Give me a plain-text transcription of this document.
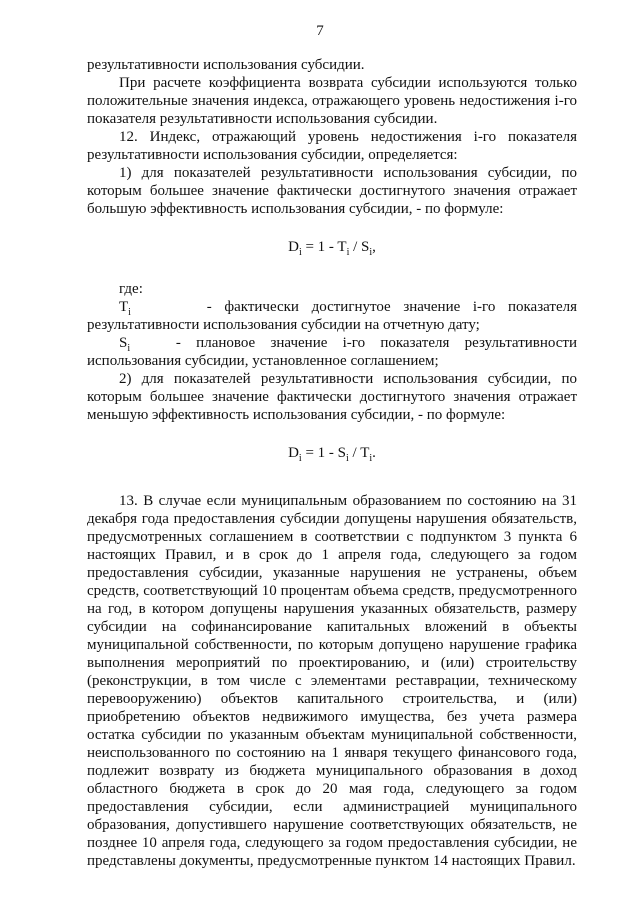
7

результативности использования субсидии.

При расчете коэффициента возврата субсидии используются только положительные значения индекса, отражающего уровень недостижения i-го показателя результативности использования субсидии.

12. Индекс, отражающий уровень недостижения i-го показателя результативности использования субсидии, определяется:

1) для показателей результативности использования субсидии, по которым большее значение фактически достигнутого значения отражает большую эффективность использования субсидии, - по формуле:

$D_i = 1 - T_i / S_i$,

где:

$T_i$	- фактически достигнутое значение i-го показателя результативности использования субсидии на отчетную дату;

$S_i$	- плановое значение i-го показателя результативности использования субсидии, установленное соглашением;

2) для показателей результативности использования субсидии, по которым большее значение фактически достигнутого значения отражает меньшую эффективность использования субсидии, - по формуле:

$D_i = 1 - S_i / T_i$.

13. В случае если муниципальным образованием по состоянию на 31 декабря года предоставления субсидии допущены нарушения обязательств, предусмотренных соглашением в соответствии с подпунктом 3 пункта 6 настоящих Правил, и в срок до 1 апреля года, следующего за годом предоставления субсидии, указанные нарушения не устранены, объем средств, соответствующий 10 процентам объема средств, предусмотренного на год, в котором допущены нарушения указанных обязательств, размеру субсидии на софинансирование капитальных вложений в объекты муниципальной собственности, по которым допущено нарушение графика выполнения мероприятий по проектированию, и (или) строительству (реконструкции, в том числе с элементами реставрации, техническому перевооружению) объектов капитального строительства, и (или) приобретению объектов недвижимого имущества, без учета размера остатка субсидии по указанным объектам муниципальной собственности, неиспользованного по состоянию на 1 января текущего финансового года, подлежит возврату из бюджета муниципального образования в доход областного бюджета в срок до 20 мая года, следующего за годом предоставления субсидии, если администрацией муниципального образования, допустившего нарушение соответствующих обязательств, не позднее 10 апреля года, следующего за годом предоставления субсидии, не представлены документы, предусмотренные пунктом 14 настоящих Правил.
